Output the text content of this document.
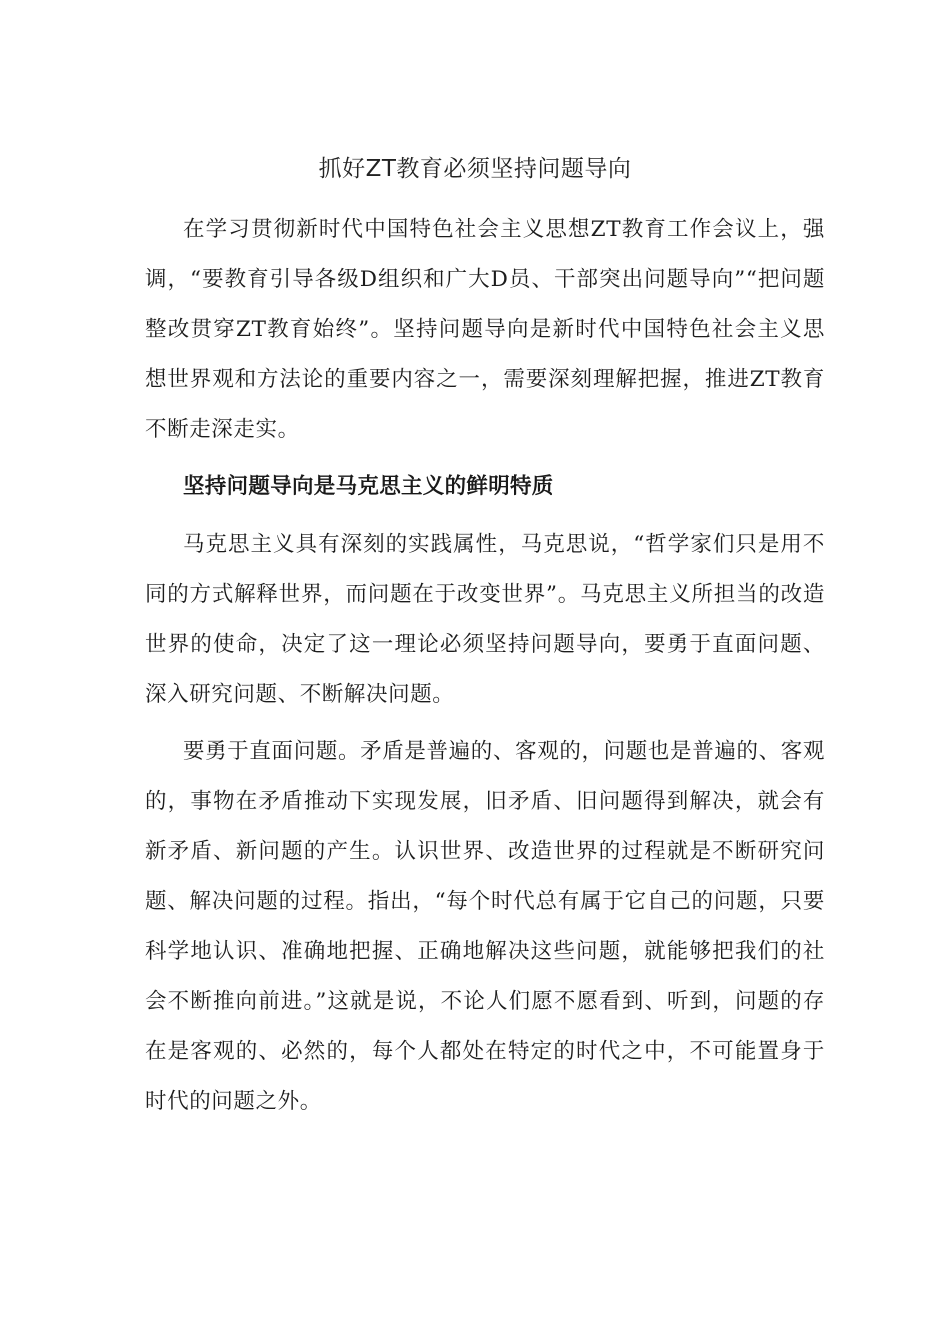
抓好ZT教育必须坚持问题导向

在学习贯彻新时代中国特色社会主义思想ZT教育工作会议上，强调，“要教育引导各级D组织和广大D员、干部突出问题导向”“把问题整改贯穿ZT教育始终”。坚持问题导向是新时代中国特色社会主义思想世界观和方法论的重要内容之一，需要深刻理解把握，推进ZT教育不断走深走实。

坚持问题导向是马克思主义的鲜明特质

马克思主义具有深刻的实践属性，马克思说，“哲学家们只是用不同的方式解释世界，而问题在于改变世界”。马克思主义所担当的改造世界的使命，决定了这一理论必须坚持问题导向，要勇于直面问题、深入研究问题、不断解决问题。

要勇于直面问题。矛盾是普遍的、客观的，问题也是普遍的、客观的，事物在矛盾推动下实现发展，旧矛盾、旧问题得到解决，就会有新矛盾、新问题的产生。认识世界、改造世界的过程就是不断研究问题、解决问题的过程。指出，“每个时代总有属于它自己的问题，只要科学地认识、准确地把握、正确地解决这些问题，就能够把我们的社会不断推向前进。”这就是说，不论人们愿不愿看到、听到，问题的存在是客观的、必然的，每个人都处在特定的时代之中，不可能置身于时代的问题之外。
